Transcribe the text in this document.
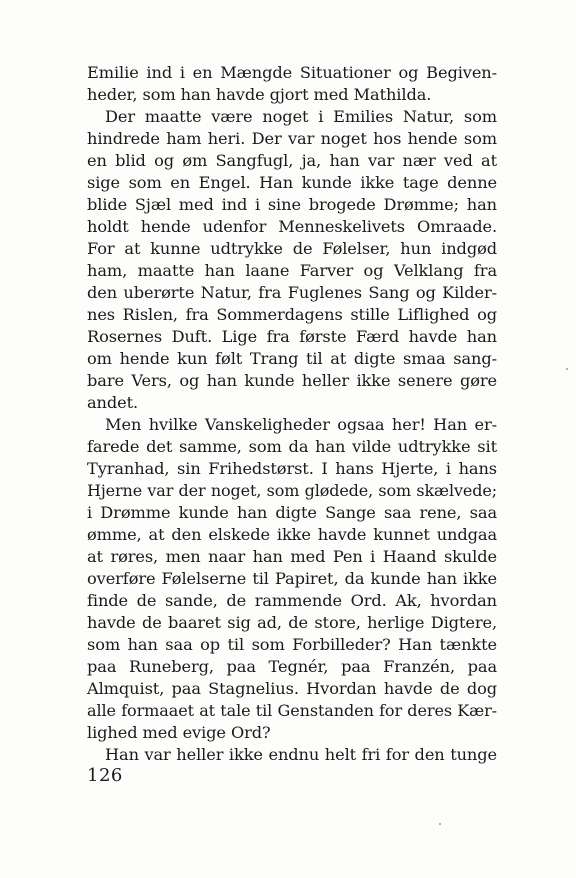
Emilie ind i en Mængde Situationer og Begiven-
heder, som han havde gjort med Mathilda.
Der maatte være noget i Emilies Natur, som
hindrede ham heri. Der var noget hos hende som
en blid og øm Sangfugl, ja, han var nær ved at
sige som en Engel. Han kunde ikke tage denne
blide Sjæl med ind i sine brogede Drømme; han
holdt hende udenfor Menneskelivets Omraade.
For at kunne udtrykke de Følelser, hun indgød
ham, maatte han laane Farver og Velklang fra
den uberørte Natur, fra Fuglenes Sang og Kilder-
nes Rislen, fra Sommerdagens stille Liflighed og
Rosernes Duft. Lige fra første Færd havde han
om hende kun følt Trang til at digte smaa sang-
bare Vers, og han kunde heller ikke senere gøre
andet.
Men hvilke Vanskeligheder ogsaa her! Han er-
farede det samme, som da han vilde udtrykke sit
Tyranhad, sin Frihedstørst. I hans Hjerte, i hans
Hjerne var der noget, som glødede, som skælvede;
i Drømme kunde han digte Sange saa rene, saa
ømme, at den elskede ikke havde kunnet undgaa
at røres, men naar han med Pen i Haand skulde
overføre Følelserne til Papiret, da kunde han ikke
finde de sande, de rammende Ord. Ak, hvordan
havde de baaret sig ad, de store, herlige Digtere,
som han saa op til som Forbilleder? Han tænkte
paa Runeberg, paa Tegnér, paa Franzén, paa
Almquist, paa Stagnelius. Hvordan havde de dog
alle formaaet at tale til Genstanden for deres Kær-
lighed med evige Ord?
Han var heller ikke endnu helt fri for den tunge
126
